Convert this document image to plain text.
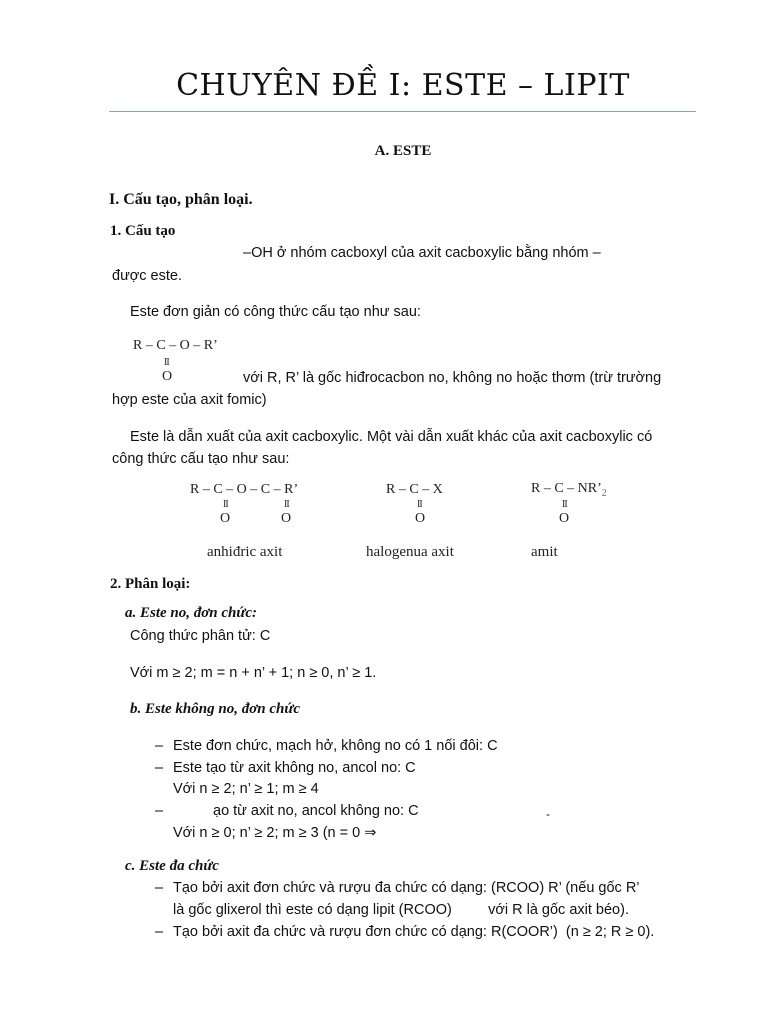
CHUYÊN ĐỀ I: ESTE – LIPIT
A. ESTE
I. Cấu tạo, phân loại.
1. Cấu tạo
–OH ở nhóm cacboxyl của axit cacboxylic bằng nhóm –
được este.
Este đơn giản có công thức cấu tạo như sau:
R – C – O – R’
II
O	với R, R’ là gốc hiđrocacbon no, không no hoặc thơm (trừ trường
hợp este của axit fomic)
Este là dẫn xuất của axit cacboxylic. Một vài dẫn xuất khác của axit cacboxylic có
công thức cấu tạo như sau:
R – C – O – C – R’
II
O
II
O
R – C – X
II
O
R – C – $NR’_2$
II
O
anhiđric axit	halogenua axit	amit
2. Phân loại:
a. Este no, đơn chức:
Công thức phân tử: C
Với m ≥ 2; m = n + n’ + 1; n ≥ 0, n’ ≥ 1.
b. Este không no, đơn chức
– Este đơn chức, mạch hở, không no có 1 nối đôi: C
– Este tạo từ axit không no, ancol no: C
Với n ≥ 2; n’ ≥ 1; m ≥ 4
–	ạo từ axit no, ancol không no: C	-
Với n ≥ 0; n’ ≥ 2; m ≥ 3 (n = 0 ⇒
c. Este đa chức
– Tạo bởi axit đơn chức và rượu đa chức có dạng: (RCOO) R’ (nếu gốc R’
là gốc glixerol thì este có dạng lipit (RCOO)         với R là gốc axit béo).
– Tạo bởi axit đa chức và rượu đơn chức có dạng: R(COOR’)  (n ≥ 2; R ≥ 0).
